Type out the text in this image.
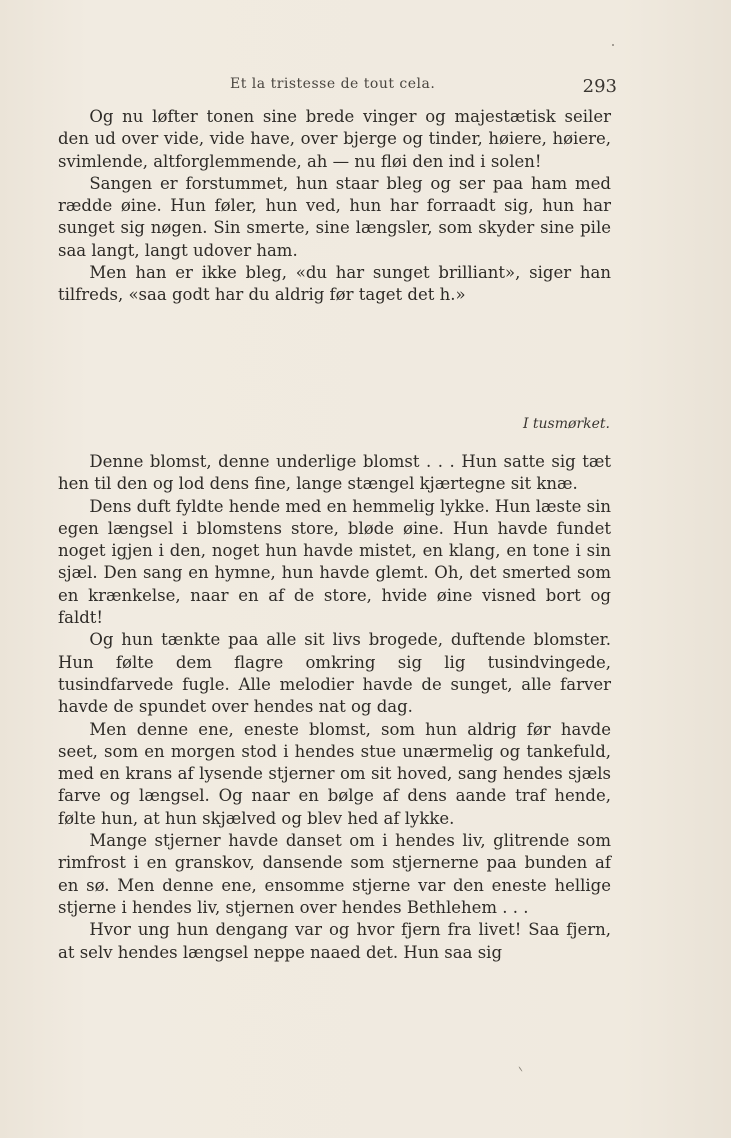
Et la tristesse de tout cela.	293

Og nu løfter tonen sine brede vinger og majestætisk seiler den ud over vide, vide have, over bjerge og tinder, høiere, høiere, svimlende, altforglemmende, ah — nu fløi den ind i solen!

Sangen er forstummet, hun staar bleg og ser paa ham med rædde øine. Hun føler, hun ved, hun har forraadt sig, hun har sunget sig nøgen. Sin smerte, sine længsler, som skyder sine pile saa langt, langt udover ham.

Men han er ikke bleg, «du har sunget brilliant», siger han tilfreds, «saa godt har du aldrig før taget det h.»

I tusmørket.

Denne blomst, denne underlige blomst . . . Hun satte sig tæt hen til den og lod dens fine, lange stængel kjærtegne sit knæ.

Dens duft fyldte hende med en hemmelig lykke. Hun læste sin egen længsel i blomstens store, bløde øine. Hun havde fundet noget igjen i den, noget hun havde mistet, en klang, en tone i sin sjæl. Den sang en hymne, hun havde glemt. Oh, det smerted som en krænkelse, naar en af de store, hvide øine visned bort og faldt!

Og hun tænkte paa alle sit livs brogede, duftende blomster. Hun følte dem flagre omkring sig lig tusindvingede, tusindfarvede fugle. Alle melodier havde de sunget, alle farver havde de spundet over hendes nat og dag.

Men denne ene, eneste blomst, som hun aldrig før havde seet, som en morgen stod i hendes stue unærmelig og tankefuld, med en krans af lysende stjerner om sit hoved, sang hendes sjæls farve og længsel. Og naar en bølge af dens aande traf hende, følte hun, at hun skjælved og blev hed af lykke.

Mange stjerner havde danset om i hendes liv, glitrende som rimfrost i en granskov, dansende som stjernerne paa bunden af en sø. Men denne ene, ensomme stjerne var den eneste hellige stjerne i hendes liv, stjernen over hendes Bethlehem . . .

Hvor ung hun dengang var og hvor fjern fra livet! Saa fjern, at selv hendes længsel neppe naaed det. Hun saa sig
